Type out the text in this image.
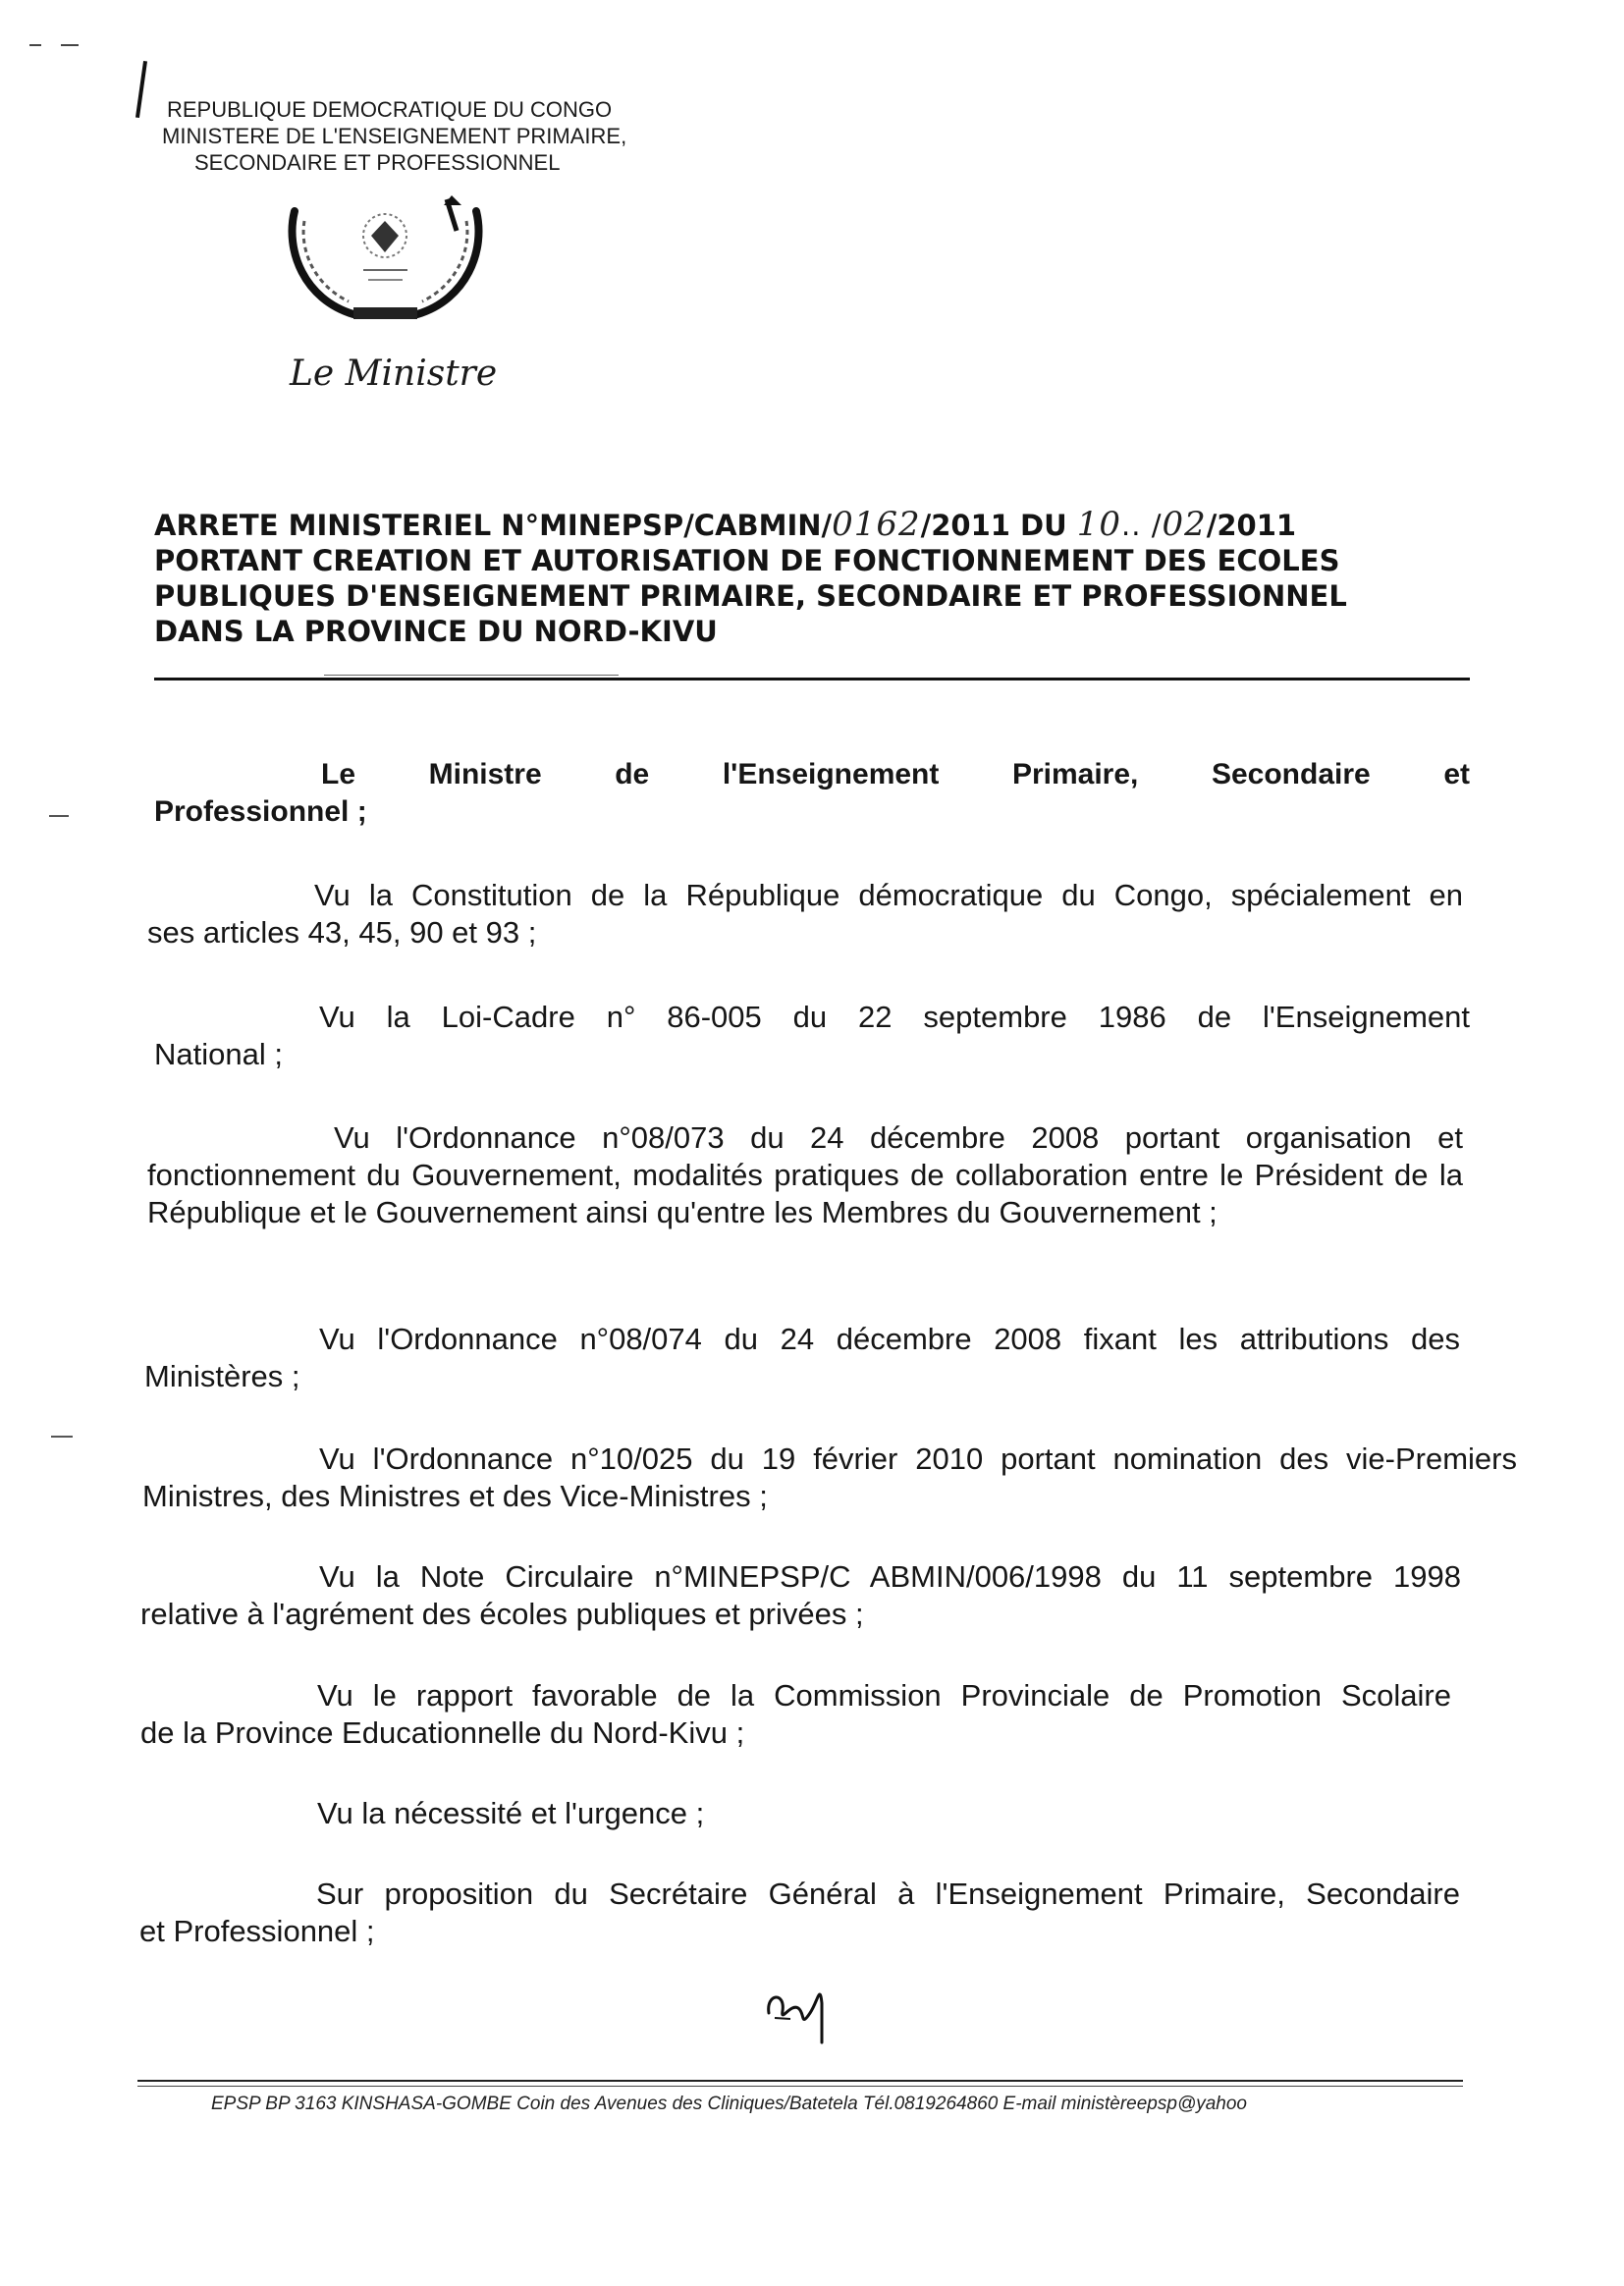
REPUBLIQUE DEMOCRATIQUE DU CONGO
MINISTERE DE L'ENSEIGNEMENT PRIMAIRE,
SECONDAIRE ET PROFESSIONNEL
Le Ministre
ARRETE MINISTERIEL N°MINEPSP/CABMIN/0162/2011 DU 10.. /02/2011
PORTANT CREATION ET AUTORISATION DE FONCTIONNEMENT DES ECOLES
PUBLIQUES D'ENSEIGNEMENT PRIMAIRE, SECONDAIRE ET PROFESSIONNEL
DANS LA PROVINCE DU NORD-KIVU
Le Ministre de l'Enseignement Primaire, Secondaire et
Professionnel ;
Vu la Constitution de la République démocratique du Congo, spécialement en
ses articles 43, 45, 90 et 93 ;
Vu la Loi-Cadre n° 86-005 du 22 septembre 1986 de l'Enseignement
National ;
Vu l'Ordonnance n°08/073 du 24 décembre 2008 portant organisation et
fonctionnement du Gouvernement, modalités pratiques de collaboration entre le Président de la République et le Gouvernement ainsi qu'entre les Membres du Gouvernement ;
Vu l'Ordonnance n°08/074 du 24 décembre 2008 fixant les attributions des
Ministères ;
Vu l'Ordonnance n°10/025 du 19 février 2010 portant nomination des vie-Premiers
Ministres, des Ministres et des Vice-Ministres ;
Vu la Note Circulaire n°MINEPSP/C ABMIN/006/1998 du 11 septembre 1998
relative à l'agrément des écoles publiques et privées ;
Vu le rapport favorable de la Commission Provinciale de Promotion Scolaire
de la Province Educationnelle du Nord-Kivu ;
Vu la nécessité et l'urgence ;
Sur proposition du Secrétaire Général à l'Enseignement Primaire, Secondaire
et Professionnel ;
EPSP BP 3163 KINSHASA-GOMBE Coin des Avenues des Cliniques/Batetela Tél.0819264860 E-mail ministèreepsp@yahoo
